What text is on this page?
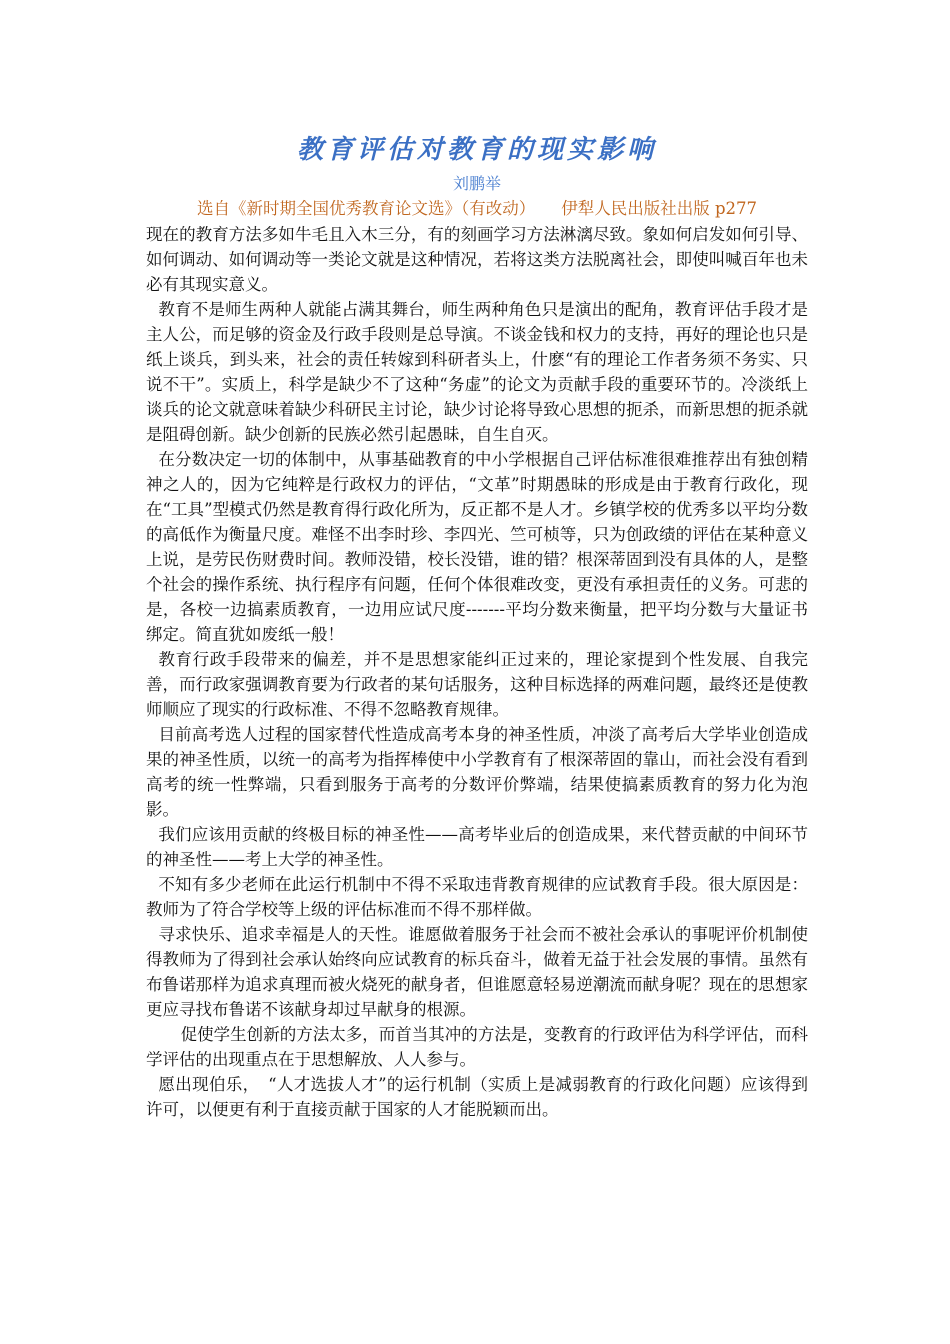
教育评估对教育的现实影响
刘鹏举
选自《新时期全国优秀教育论文选》（有改动） 伊犁人民出版社出版 p277

现在的教育方法多如牛毛且入木三分，有的刻画学习方法淋漓尽致。象如何启发如何引导、如何调动、如何调动等一类论文就是这种情况，若将这类方法脱离社会，即使叫喊百年也未必有其现实意义。

教育不是师生两种人就能占满其舞台，师生两种角色只是演出的配角，教育评估手段才是主人公，而足够的资金及行政手段则是总导演。不谈金钱和权力的支持，再好的理论也只是纸上谈兵，到头来，社会的责任转嫁到科研者头上，什麽“有的理论工作者务须不务实、只说不干”。实质上，科学是缺少不了这种“务虚”的论文为贡献手段的重要环节的。冷淡纸上谈兵的论文就意味着缺少科研民主讨论，缺少讨论将导致心思想的扼杀，而新思想的扼杀就是阻碍创新。缺少创新的民族必然引起愚昧，自生自灭。

在分数决定一切的体制中，从事基础教育的中小学根据自己评估标准很难推荐出有独创精神之人的，因为它纯粹是行政权力的评估，“文革”时期愚昧的形成是由于教育行政化，现在“工具”型模式仍然是教育得行政化所为，反正都不是人才。乡镇学校的优秀多以平均分数的高低作为衡量尺度。难怪不出李时珍、李四光、竺可桢等，只为创政绩的评估在某种意义上说，是劳民伤财费时间。教师没错，校长没错，谁的错？根深蒂固到没有具体的人，是整个社会的操作系统、执行程序有问题，任何个体很难改变，更没有承担责任的义务。可悲的是，各校一边搞素质教育，一边用应试尺度-------平均分数来衡量，把平均分数与大量证书绑定。简直犹如废纸一般！

教育行政手段带来的偏差，并不是思想家能纠正过来的，理论家提到个性发展、自我完善，而行政家强调教育要为行政者的某句话服务，这种目标选择的两难问题，最终还是使教师顺应了现实的行政标准、不得不忽略教育规律。

目前高考选人过程的国家替代性造成高考本身的神圣性质，冲淡了高考后大学毕业创造成果的神圣性质，以统一的高考为指挥棒使中小学教育有了根深蒂固的靠山，而社会没有看到高考的统一性弊端，只看到服务于高考的分数评价弊端，结果使搞素质教育的努力化为泡影。

我们应该用贡献的终极目标的神圣性——高考毕业后的创造成果，来代替贡献的中间环节的神圣性——考上大学的神圣性。

不知有多少老师在此运行机制中不得不采取违背教育规律的应试教育手段。很大原因是：教师为了符合学校等上级的评估标准而不得不那样做。

寻求快乐、追求幸福是人的天性。谁愿做着服务于社会而不被社会承认的事呢评价机制使得教师为了得到社会承认始终向应试教育的标兵奋斗，做着无益于社会发展的事情。虽然有布鲁诺那样为追求真理而被火烧死的献身者，但谁愿意轻易逆潮流而献身呢？现在的思想家更应寻找布鲁诺不该献身却过早献身的根源。

促使学生创新的方法太多，而首当其冲的方法是，变教育的行政评估为科学评估，而科学评估的出现重点在于思想解放、人人参与。

愿出现伯乐，　“人才选拔人才”的运行机制（实质上是减弱教育的行政化问题）应该得到许可，以便更有利于直接贡献于国家的人才能脱颖而出。
